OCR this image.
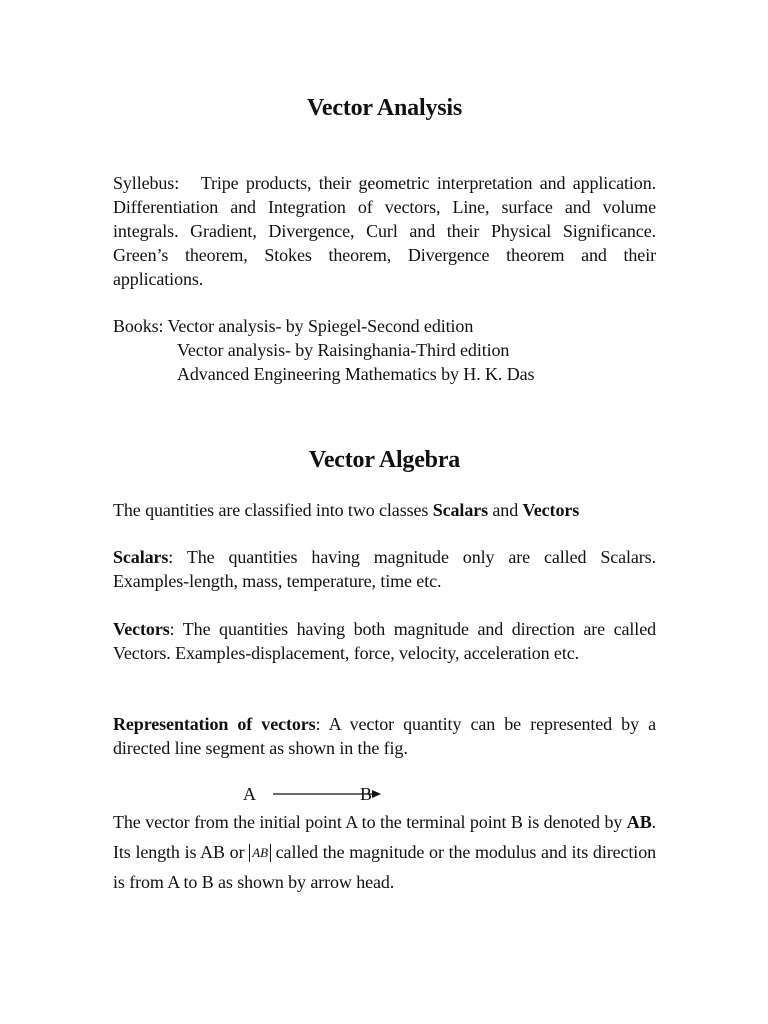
Vector Analysis

Syllebus: Tripe products, their geometric interpretation and application. Differentiation and Integration of vectors, Line, surface and volume integrals. Gradient, Divergence, Curl and their Physical Significance. Green’s theorem, Stokes theorem, Divergence theorem and their applications.

Books: Vector analysis- by Spiegel-Second edition
Vector analysis- by Raisinghania-Third edition
Advanced Engineering Mathematics by H. K. Das
Vector Algebra

The quantities are classified into two classes Scalars and Vectors

Scalars: The quantities having magnitude only are called Scalars. Examples-length, mass, temperature, time etc.

Vectors: The quantities having both magnitude and direction are called Vectors. Examples-displacement, force, velocity, acceleration etc.

Representation of vectors: A vector quantity can be represented by a directed line segment as shown in the fig.

A	B

The vector from the initial point A to the terminal point B is denoted by AB. Its length is AB or AB called the magnitude or the modulus and its direction is from A to B as shown by arrow head.
